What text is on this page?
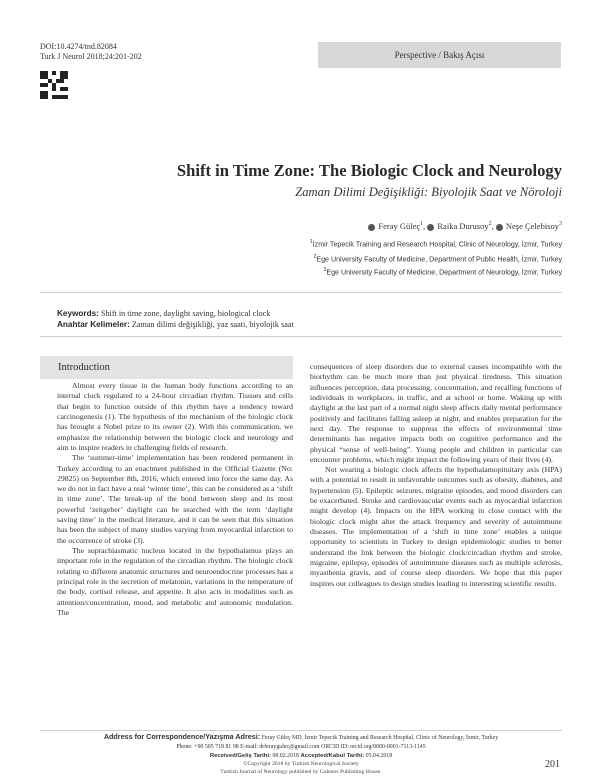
DOI:10.4274/tnd.82084
Turk J Neurol 2018;24:201-202	Perspective / Bakış Açısı
Shift in Time Zone: The Biologic Clock and Neurology
Zaman Dilimi Değişikliği: Biyolojik Saat ve Nöroloji
Feray Güleç$^1$, Raika Durusoy$^2$, Neşe Çelebisoy$^3$
$^1$İzmir Tepecik Training and Research Hospital, Clinic of Neurology, İzmir, Turkey
$^2$Ege University Faculty of Medicine, Department of Public Health, İzmir, Turkey
$^3$Ege University Faculty of Medicine, Department of Neurology, İzmir, Turkey
Keywords: Shift in time zone, daylight saving, biological clock
Anahtar Kelimeler: Zaman dilimi değişikliği, yaz saati, biyolojik saat
Introduction

Almost every tissue in the human body functions according to an internal clock regulated to a 24-hour circadian rhythm. Tissues and cells that begin to function outside of this rhythm have a tendency toward carcinogenesis (1). The hypothesis of the mechanism of the biologic clock has brought a Nobel prize to its owner (2). With this communication, we emphasize the relationship between the biologic clock and neurology and aim to inspire readers in challenging fields of research.

The ‘summer-time’ implementation has been rendered permanent in Turkey according to an enactment published in the Official Gazette (No: 29825) on September 8th, 2016, which entered into force the same day. As we do not in fact have a real ‘winter time’, this can be considered as a ‘shift in time zone’. The break-up of the bond between sleep and its most powerful ‘zeitgeber’ daylight can be searched with the term ‘daylight saving time’ in the medical literature, and it can be seen that this situation has been the subject of many studies varying from myocardial infarction to the occurrence of stroke (3).

The suprachiasmatic nucleus located in the hypothalamus plays an important role in the regulation of the circadian rhythm. The biologic clock relating to different anatomic structures and neuroendocrine processes has a principal role in the secretion of melatonin, variations in the temperature of the body, cortisol release, and appetite. It also acts in modalities such as attention/concentration, mood, and metabolic and autonomic modulation. The

consequences of sleep disorders due to external causes incompatible with the biorhythm can be much more than just physical tiredness. This situation influences perception, data processing, concentration, and recalling functions of individuals in workplaces, in traffic, and at school or home. Waking up with daylight at the last part of a normal night sleep affects daily mental performance positively and facilitates falling asleep at night, and enables preparation for the next day. The response to suppress the effects of environmental time determinants has negative impacts both on cognitive performance and the physical “sense of well-being”. Young people and children in particular can encounter problems, which might impact the following years of their lives (4).

Not wearing a biologic clock affects the hypothalamopituitary axis (HPA) with a potential to result in unfavorable outcomes such as obesity, diabetes, and hypertension (5). Epileptic seizures, migraine episodes, and mood disorders can be exacerbated. Stroke and cardiovascular events such as myocardial infarction might develop (4). Impacts on the HPA working in close contact with the biologic clock might alter the attack frequency and severity of autoimmune diseases. The implementation of a ‘shift in time zone’ enables a unique opportunity to scientists in Turkey to design epidemiologic studies to better understand the link between the biologic clock/circadian rhythm and stroke, migraine, epilepsy, episodes of autoimmune diseases such as multiple sclerosis, myasthenia gravis, and of course sleep disorders. We hope that this paper inspires our colleagues to design studies leading to interesting scientific results.

Address for Correspondence/Yazışma Adresi: Feray Güleç MD, İzmir Tepecik Training and Research Hospital, Clinic of Neurology, İzmir, Turkey
Phone: +90 505 718 81 98 E-mail: drferaygulec@gmail.com ORCID ID: orcid.org/0000-0001-7113-1145
Received/Geliş Tarihi: 08.02.2018 Accepted/Kabul Tarihi: 05.04.2018
©Copyright 2018 by Turkish Neurological Society
Turkish Journal of Neurology published by Galenos Publishing House.
201
